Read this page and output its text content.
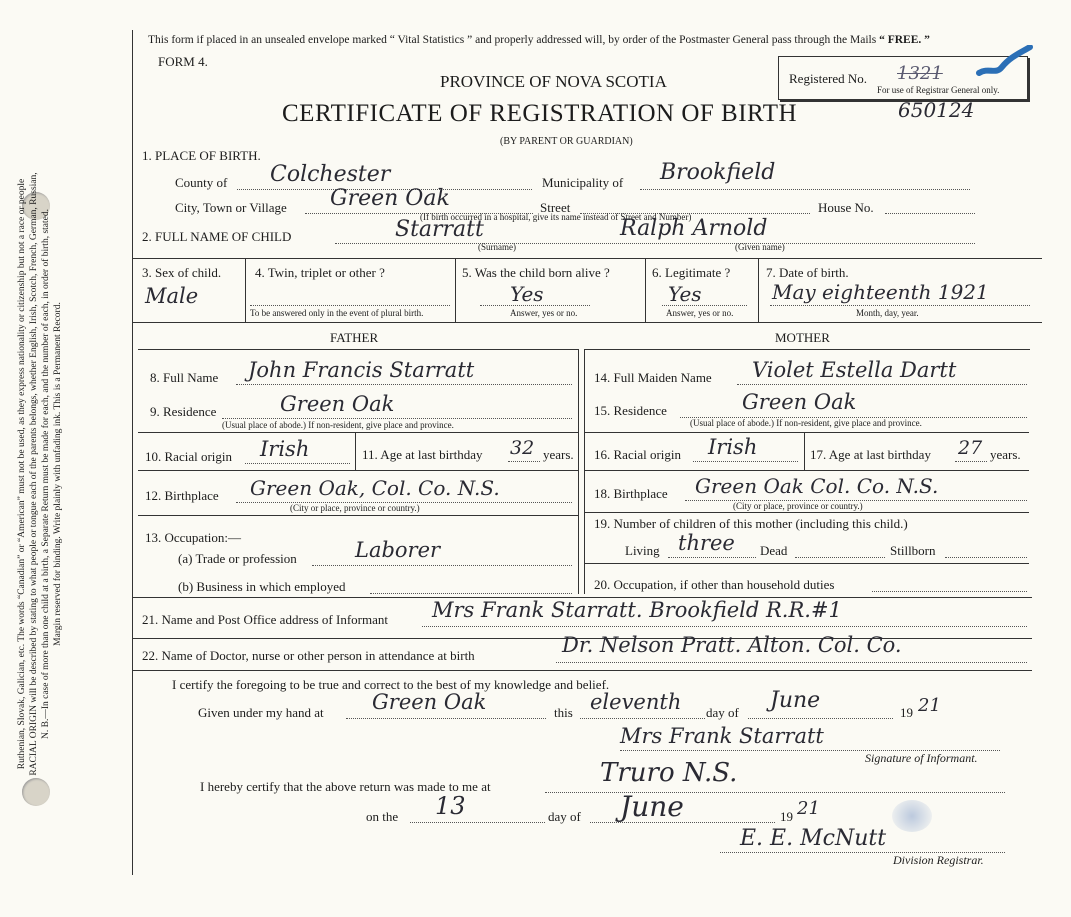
Ruthenian, Slovak, Galician, etc. The words “Canadian” or “American” must not be used, as they express nationality or citizenship but not a race or people RACIAL ORIGIN will be described by stating to what people or tongue each of the parents belongs, whether English, Irish, Scotch, French, German, Russian, N. B.—In case of more than one child at a birth, a Separate Return must be made for each, and the number of each, in order of birth, stated. Margin reserved for binding. Write plainly with unfading ink. This is a Permanent Record.
This form if placed in an unsealed envelope marked “ Vital Statistics ” and properly addressed will, by order of the Postmaster General pass through the Mails “ FREE. ”
FORM 4.
PROVINCE OF NOVA SCOTIA
CERTIFICATE OF REGISTRATION OF BIRTH
(BY PARENT OR GUARDIAN)
Registered No. 1321
For use of Registrar General only.
650124
1. PLACE OF BIRTH.
County of Colchester	Municipality of Brookfield
City, Town or Village Green Oak	Street	House No.
(If birth occurred in a hospital, give its name instead of Street and Number)
2. FULL NAME OF CHILD	Starratt	Ralph Arnold
(Surname)	(Given name)
3. Sex of child.
Male
4. Twin, triplet or other ?
To be answered only in the event of plural birth.
5. Was the child born alive ?
Yes
Answer, yes or no.
6. Legitimate ?
Yes
Answer, yes or no.
7. Date of birth.
May eighteenth 1921
Month, day, year.
FATHER	MOTHER
8. Full Name John Francis Starratt
9. Residence	Green Oak
(Usual place of abode.) If non-resident, give place and province.
10. Racial origin Irish	11. Age at last birthday 32 years.
12. Birthplace Green Oak, Col. Co. N.S.
(City or place, province or country.)
13. Occupation:—
(a) Trade or profession	Laborer
(b) Business in which employed
14. Full Maiden Name Violet Estella Dartt
15. Residence	Green Oak
(Usual place of abode.) If non-resident, give place and province.
16. Racial origin Irish	17. Age at last birthday 27 years.
18. Birthplace Green Oak Col. Co. N.S.
(City or place, province or country.)
19. Number of children of this mother (including this child.)
Living three Dead	Stillborn
20. Occupation, if other than household duties
21. Name and Post Office address of Informant Mrs Frank Starratt. Brookfield R.R.#1
22. Name of Doctor, nurse or other person in attendance at birth	Dr. Nelson Pratt. Alton. Col. Co.
I certify the foregoing to be true and correct to the best of my knowledge and belief.
Given under my hand at Green Oak	this eleventh day of June	19 21
Mrs Frank Starratt
Signature of Informant.
I hereby certify that the above return was made to me at	Truro N.S.
on the 13	day of June	19 21
E. E. McNutt
Division Registrar.
